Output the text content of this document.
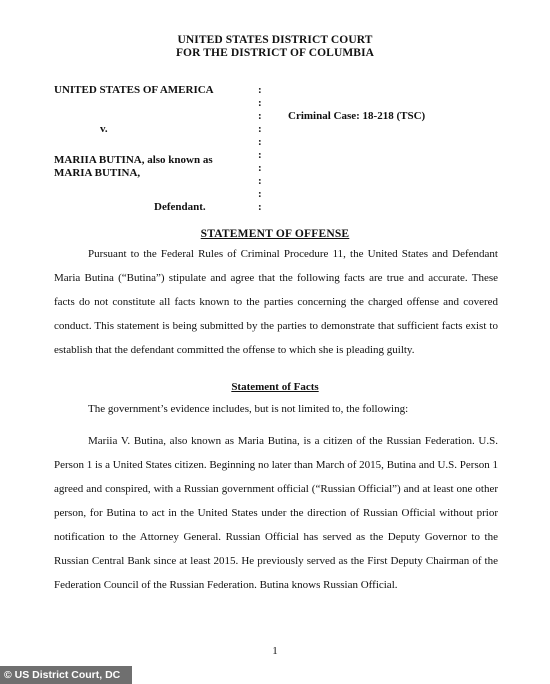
UNITED STATES DISTRICT COURT
FOR THE DISTRICT OF COLUMBIA
UNITED STATES OF AMERICA
v.
MARIIA BUTINA, also known as
MARIA BUTINA,
Defendant.
:
:
:
:
:
:
:
:
:
:
Criminal Case: 18-218 (TSC)
STATEMENT OF OFFENSE
Pursuant to the Federal Rules of Criminal Procedure 11, the United States and Defendant Maria Butina (“Butina”) stipulate and agree that the following facts are true and accurate. These facts do not constitute all facts known to the parties concerning the charged offense and covered conduct. This statement is being submitted by the parties to demonstrate that sufficient facts exist to establish that the defendant committed the offense to which she is pleading guilty.
Statement of Facts
The government’s evidence includes, but is not limited to, the following:
Mariia V. Butina, also known as Maria Butina, is a citizen of the Russian Federation. U.S. Person 1 is a United States citizen. Beginning no later than March of 2015, Butina and U.S. Person 1 agreed and conspired, with a Russian government official (“Russian Official”) and at least one other person, for Butina to act in the United States under the direction of Russian Official without prior notification to the Attorney General. Russian Official has served as the Deputy Governor to the Russian Central Bank since at least 2015. He previously served as the First Deputy Chairman of the Federation Council of the Russian Federation. Butina knows Russian Official.
1
© US District Court, DC
